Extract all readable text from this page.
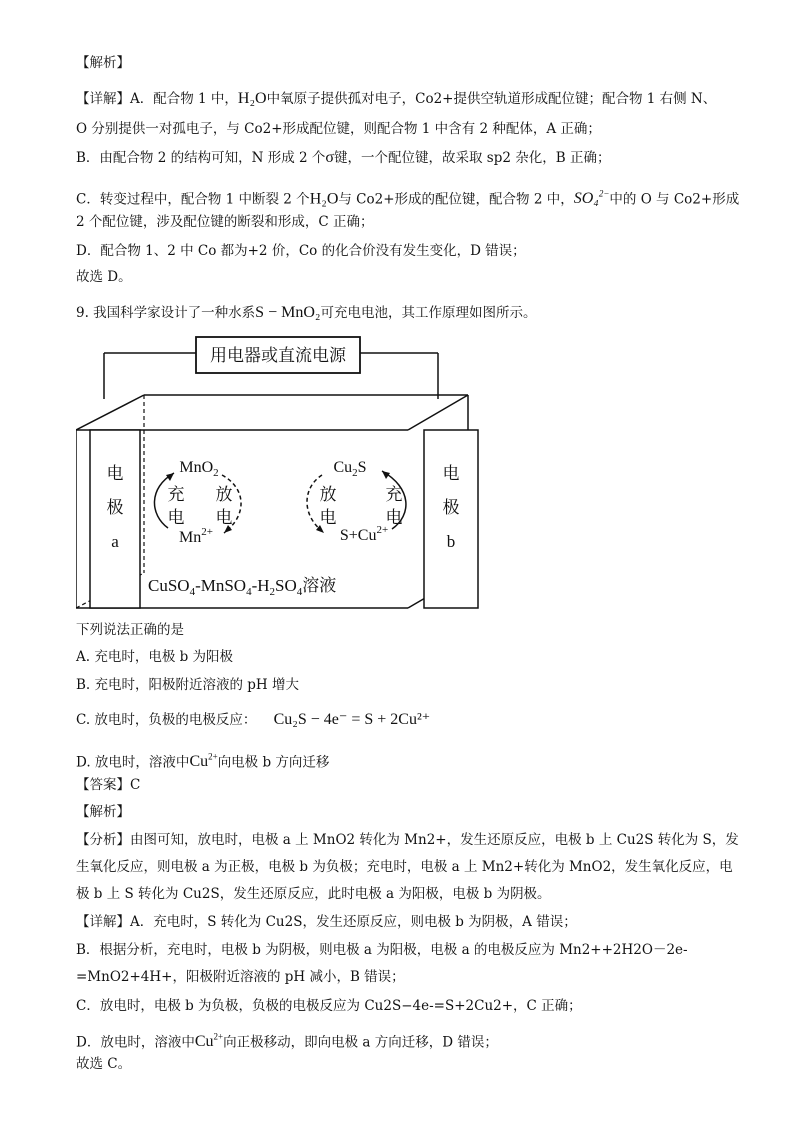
【解析】
【详解】A．配合物 1 中，H₂O中氧原子提供孤对电子，Co2+提供空轨道形成配位键；配合物 1 右侧 N、
O 分别提供一对孤电子，与 Co2+形成配位键，则配合物 1 中含有 2 种配体，A 正确；
B．由配合物 2 的结构可知，N 形成 2 个σ键，一个配位键，故采取 sp2 杂化，B 正确；
C．转变过程中，配合物 1 中断裂 2 个H₂O与 Co2+形成的配位键，配合物 2 中，SO₄$^{2-}$中的 O 与 Co2+形成
2 个配位键，涉及配位键的断裂和形成，C 正确；
D．配合物 1、2 中 Co 都为+2 价，Co 的化合价没有发生变化，D 错误；
故选 D。
9. 我国科学家设计了一种水系S − MnO₂可充电电池，其工作原理如图所示。
用电器或直流电源
电
极
a
电
极
b
MnO$_2$
$Mn^{2+}$
充
电
放
电
$Cu_2S$
$S+Cu^{2+}$
放
电
充
电
$CuSO_4-MnSO_4-H_2SO_4$溶液
下列说法正确的是
A. 充电时，电极 b 为阳极
B. 充电时，阳极附近溶液的 pH 增大
C. 放电时，负极的电极反应： Cu₂S − 4e⁻ = S + 2Cu²⁺
D. 放电时，溶液中$Cu^{2+}$向电极 b 方向迁移
【答案】C
【解析】
【分析】由图可知，放电时，电极 a 上 MnO2 转化为 Mn2+，发生还原反应，电极 b 上 Cu2S 转化为 S，发
生氧化反应，则电极 a 为正极，电极 b 为负极；充电时，电极 a 上 Mn2+转化为 MnO2，发生氧化反应，电
极 b 上 S 转化为 Cu2S，发生还原反应，此时电极 a 为阳极，电极 b 为阴极。
【详解】A．充电时，S 转化为 Cu2S，发生还原反应，则电极 b 为阴极，A 错误；
B．根据分析，充电时，电极 b 为阴极，则电极 a 为阳极，电极 a 的电极反应为 Mn2++2H2O－2e-
=MnO2+4H+，阳极附近溶液的 pH 减小，B 错误；
C．放电时，电极 b 为负极，负极的电极反应为 Cu2S−4e-=S+2Cu2+，C 正确；
D．放电时，溶液中$Cu^{2+}$向正极移动，即向电极 a 方向迁移，D 错误；
故选 C。
